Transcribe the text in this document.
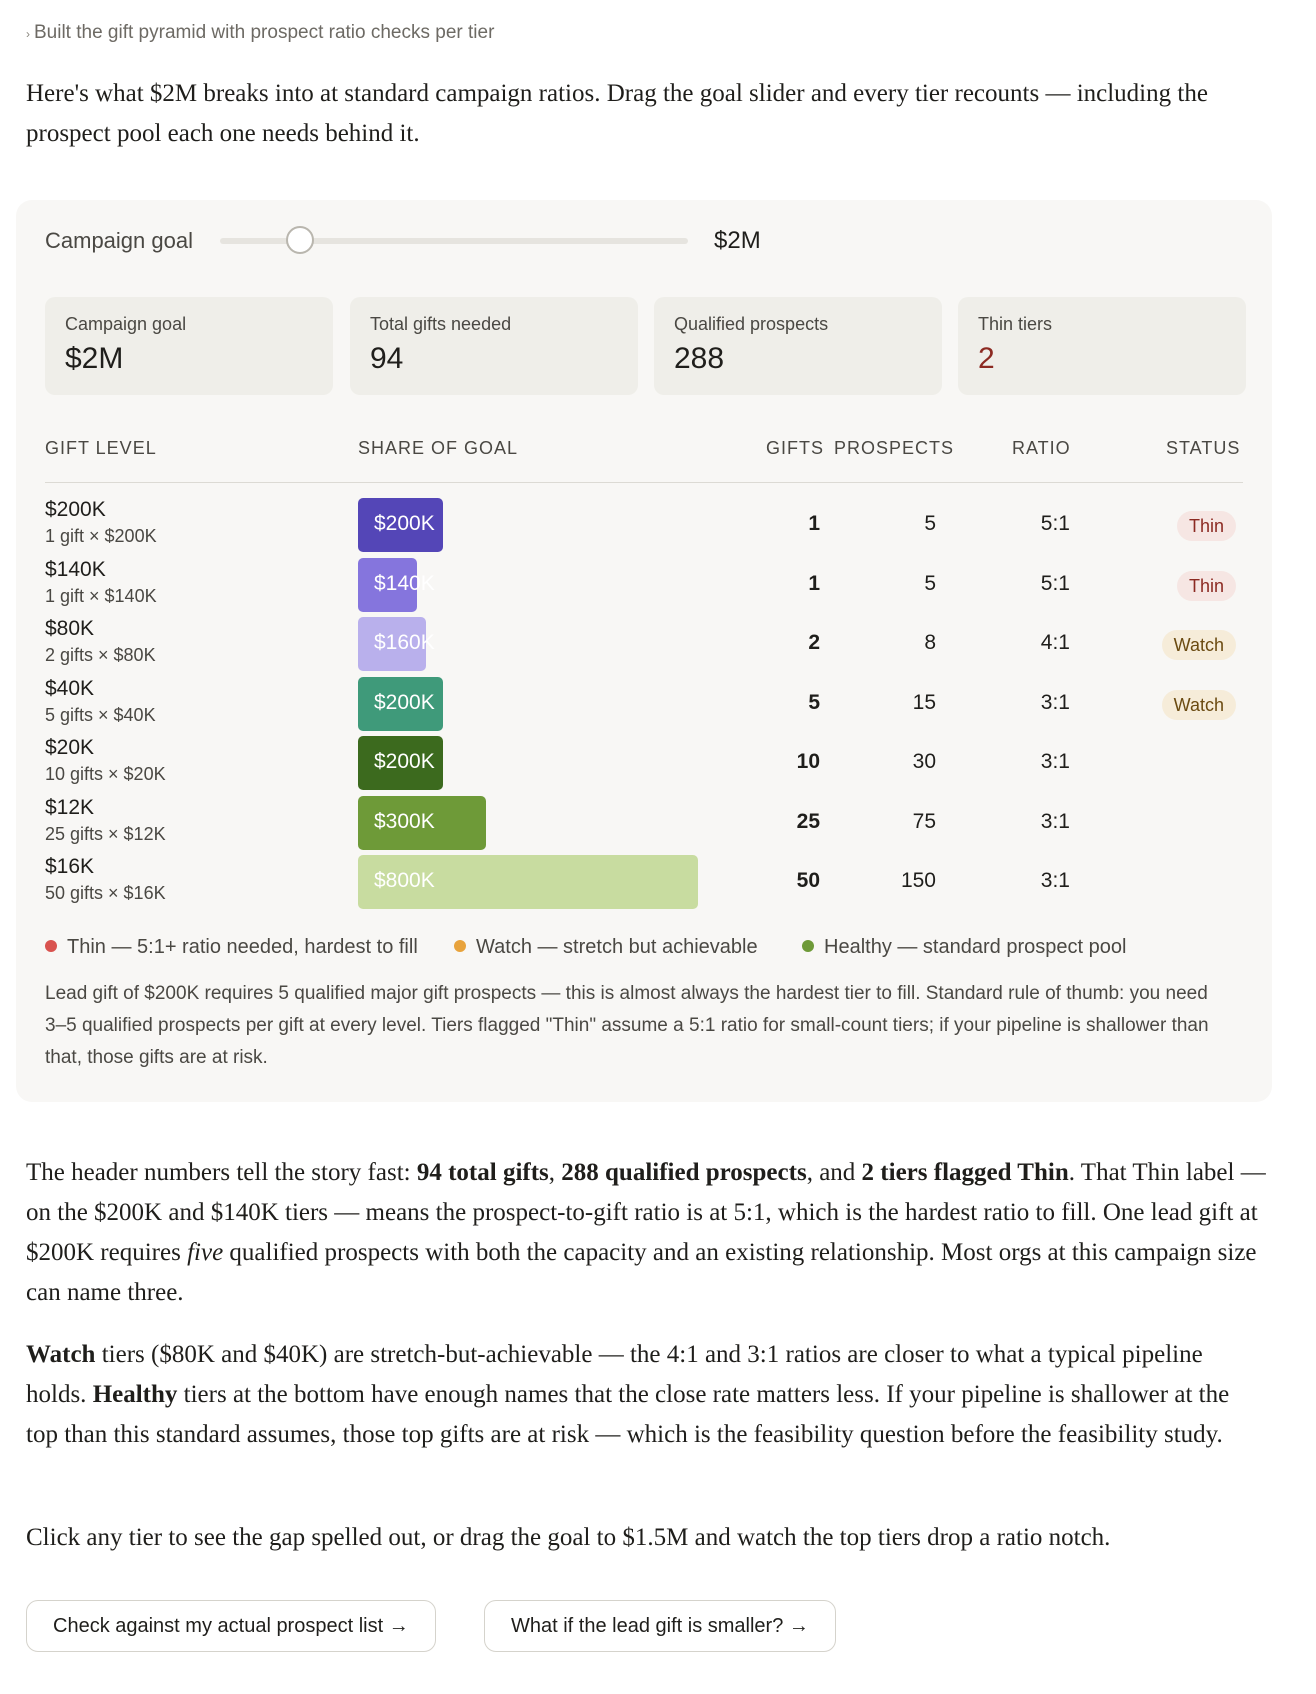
› Built the gift pyramid with prospect ratio checks per tier
Here's what $2M breaks into at standard campaign ratios. Drag the goal slider and every tier recounts — including the prospect pool each one needs behind it.
Campaign goal	$2M
Campaign goal
$2M
Total gifts needed
94
Qualified prospects
288
Thin tiers
2
GIFT LEVEL	SHARE OF GOAL	GIFTS PROSPECTS	RATIO	STATUS
$200K
1 gift × $200K
$200K	1	5	5:1	Thin
$140K
1 gift × $140K
$140K	1	5	5:1	Thin
$80K
2 gifts × $80K
$160K	2	8	4:1	Watch
$40K
5 gifts × $40K
$200K	5	15	3:1	Watch
$20K
10 gifts × $20K
$200K	10	30	3:1
$12K
25 gifts × $12K
$300K	25	75	3:1
$16K
50 gifts × $16K
$800K	50	150	3:1
Thin — 5:1+ ratio needed, hardest to fill	Watch — stretch but achievable	Healthy — standard prospect pool
Lead gift of $200K requires 5 qualified major gift prospects — this is almost always the hardest tier to fill. Standard rule of thumb: you need 3–5 qualified prospects per gift at every level. Tiers flagged "Thin" assume a 5:1 ratio for small-count tiers; if your pipeline is shallower than that, those gifts are at risk.
The header numbers tell the story fast: 94 total gifts, 288 qualified prospects, and 2 tiers flagged Thin. That Thin label — on the $200K and $140K tiers — means the prospect-to-gift ratio is at 5:1, which is the hardest ratio to fill. One lead gift at $200K requires five qualified prospects with both the capacity and an existing relationship. Most orgs at this campaign size can name three.
Watch tiers ($80K and $40K) are stretch-but-achievable — the 4:1 and 3:1 ratios are closer to what a typical pipeline holds. Healthy tiers at the bottom have enough names that the close rate matters less. If your pipeline is shallower at the top than this standard assumes, those top gifts are at risk — which is the feasibility question before the feasibility study.
Click any tier to see the gap spelled out, or drag the goal to $1.5M and watch the top tiers drop a ratio notch.
Check against my actual prospect list →	What if the lead gift is smaller? →
